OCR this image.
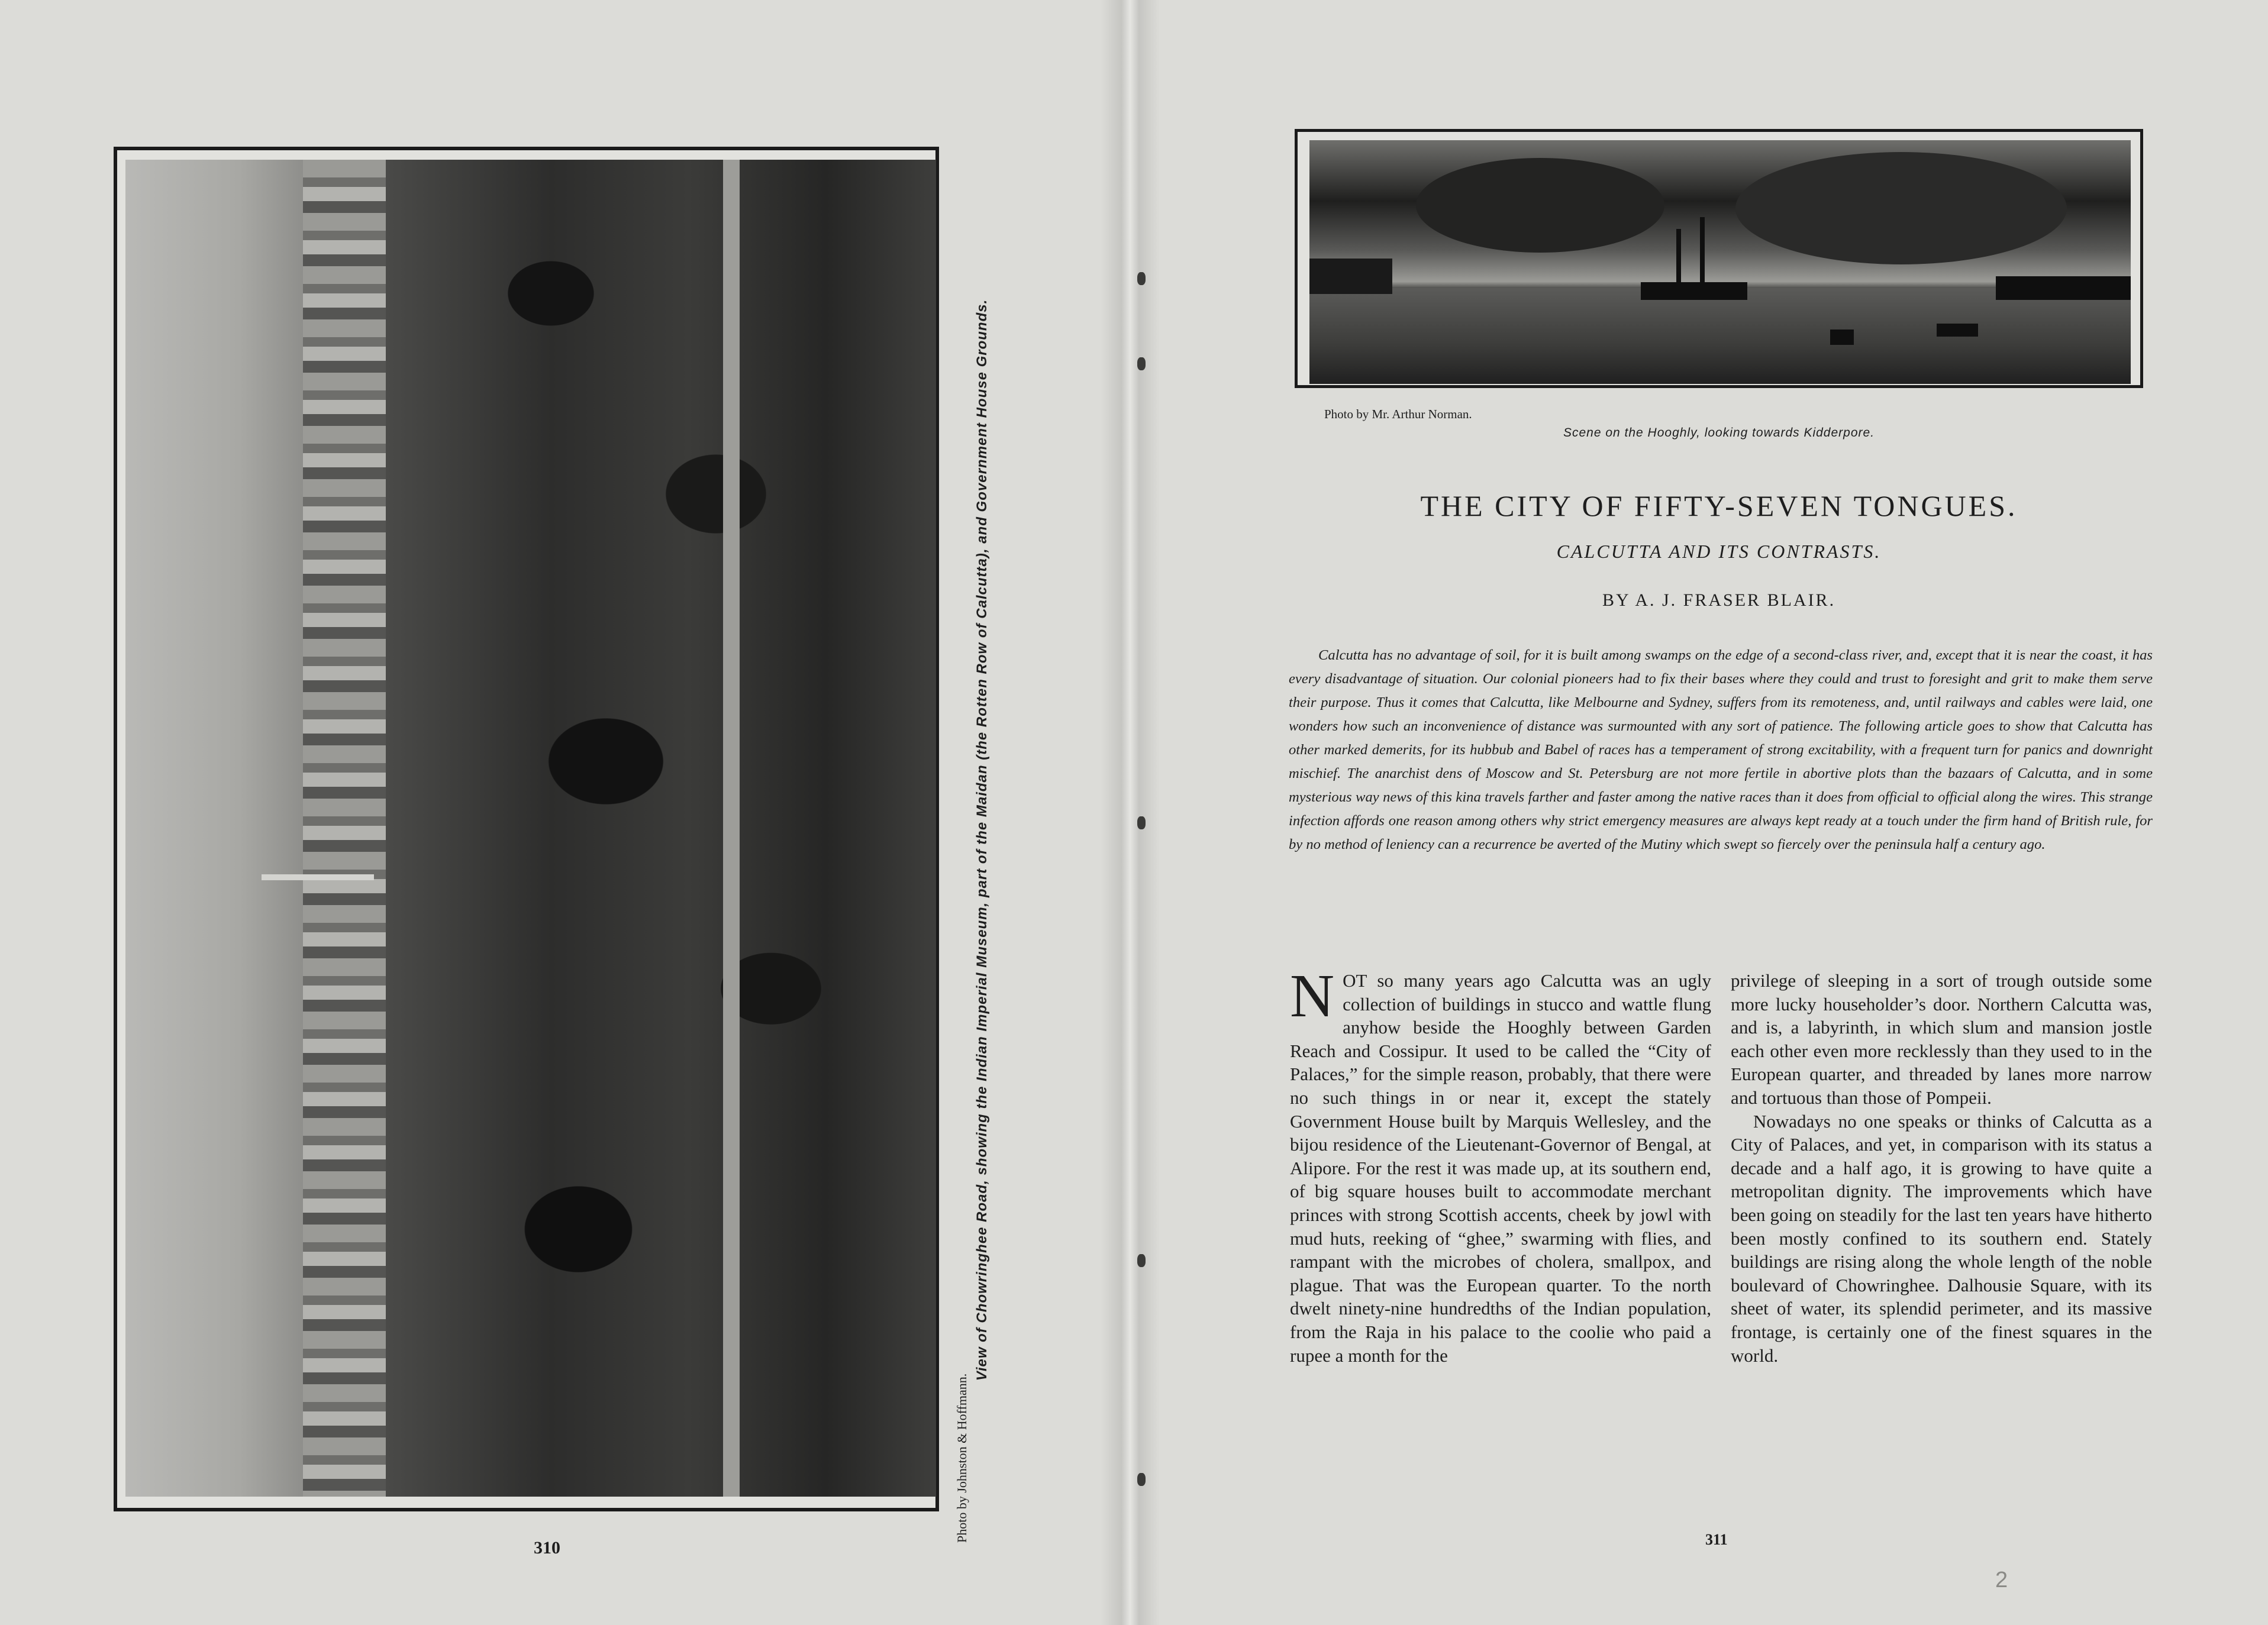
Photo by Johnston & Hoffmann.
View of Chowringhee Road, showing the Indian Imperial Museum, part of the Maidan (the Rotten Row of Calcutta), and Government House Grounds.
310
Photo by Mr. Arthur Norman.
Scene on the Hooghly, looking towards Kidderpore.
THE CITY OF FIFTY-SEVEN TONGUES.
CALCUTTA AND ITS CONTRASTS.
BY A. J. FRASER BLAIR.
Calcutta has no advantage of soil, for it is built among swamps on the edge of a second-class river, and, except that it is near the coast, it has every disadvantage of situation. Our colonial pioneers had to fix their bases where they could and trust to foresight and grit to make them serve their purpose. Thus it comes that Calcutta, like Melbourne and Sydney, suffers from its remoteness, and, until railways and cables were laid, one wonders how such an inconvenience of distance was surmounted with any sort of patience. The following article goes to show that Calcutta has other marked demerits, for its hubbub and Babel of races has a temperament of strong excitability, with a frequent turn for panics and downright mischief. The anarchist dens of Moscow and St. Petersburg are not more fertile in abortive plots than the bazaars of Calcutta, and in some mysterious way news of this kina travels farther and faster among the native races than it does from official to official along the wires. This strange infection affords one reason among others why strict emergency measures are always kept ready at a touch under the firm hand of British rule, for by no method of leniency can a recurrence be averted of the Mutiny which swept so fiercely over the peninsula half a century ago.

NOT so many years ago Calcutta was an ugly collection of buildings in stucco and wattle flung anyhow beside the Hooghly between Garden Reach and Cossipur. It used to be called the “City of Palaces,” for the simple reason, probably, that there were no such things in or near it, except the stately Government House built by Marquis Wellesley, and the bijou residence of the Lieutenant-Governor of Bengal, at Alipore. For the rest it was made up, at its southern end, of big square houses built to accommodate merchant princes with strong Scottish accents, cheek by jowl with mud huts, reeking of “ghee,” swarming with flies, and rampant with the microbes of cholera, smallpox, and plague. That was the European quarter. To the north dwelt ninety-nine hundredths of the Indian population, from the Raja in his palace to the coolie who paid a rupee a month for the

privilege of sleeping in a sort of trough outside some more lucky householder’s door. Northern Calcutta was, and is, a labyrinth, in which slum and mansion jostle each other even more recklessly than they used to in the European quarter, and threaded by lanes more narrow and tortuous than those of Pompeii.

Nowadays no one speaks or thinks of Calcutta as a City of Palaces, and yet, in comparison with its status a decade and a half ago, it is growing to have quite a metropolitan dignity. The improvements which have been going on steadily for the last ten years have hitherto been mostly confined to its southern end. Stately buildings are rising along the whole length of the noble boulevard of Chowringhee. Dalhousie Square, with its sheet of water, its splendid perimeter, and its massive frontage, is certainly one of the finest squares in the world.

311
2
